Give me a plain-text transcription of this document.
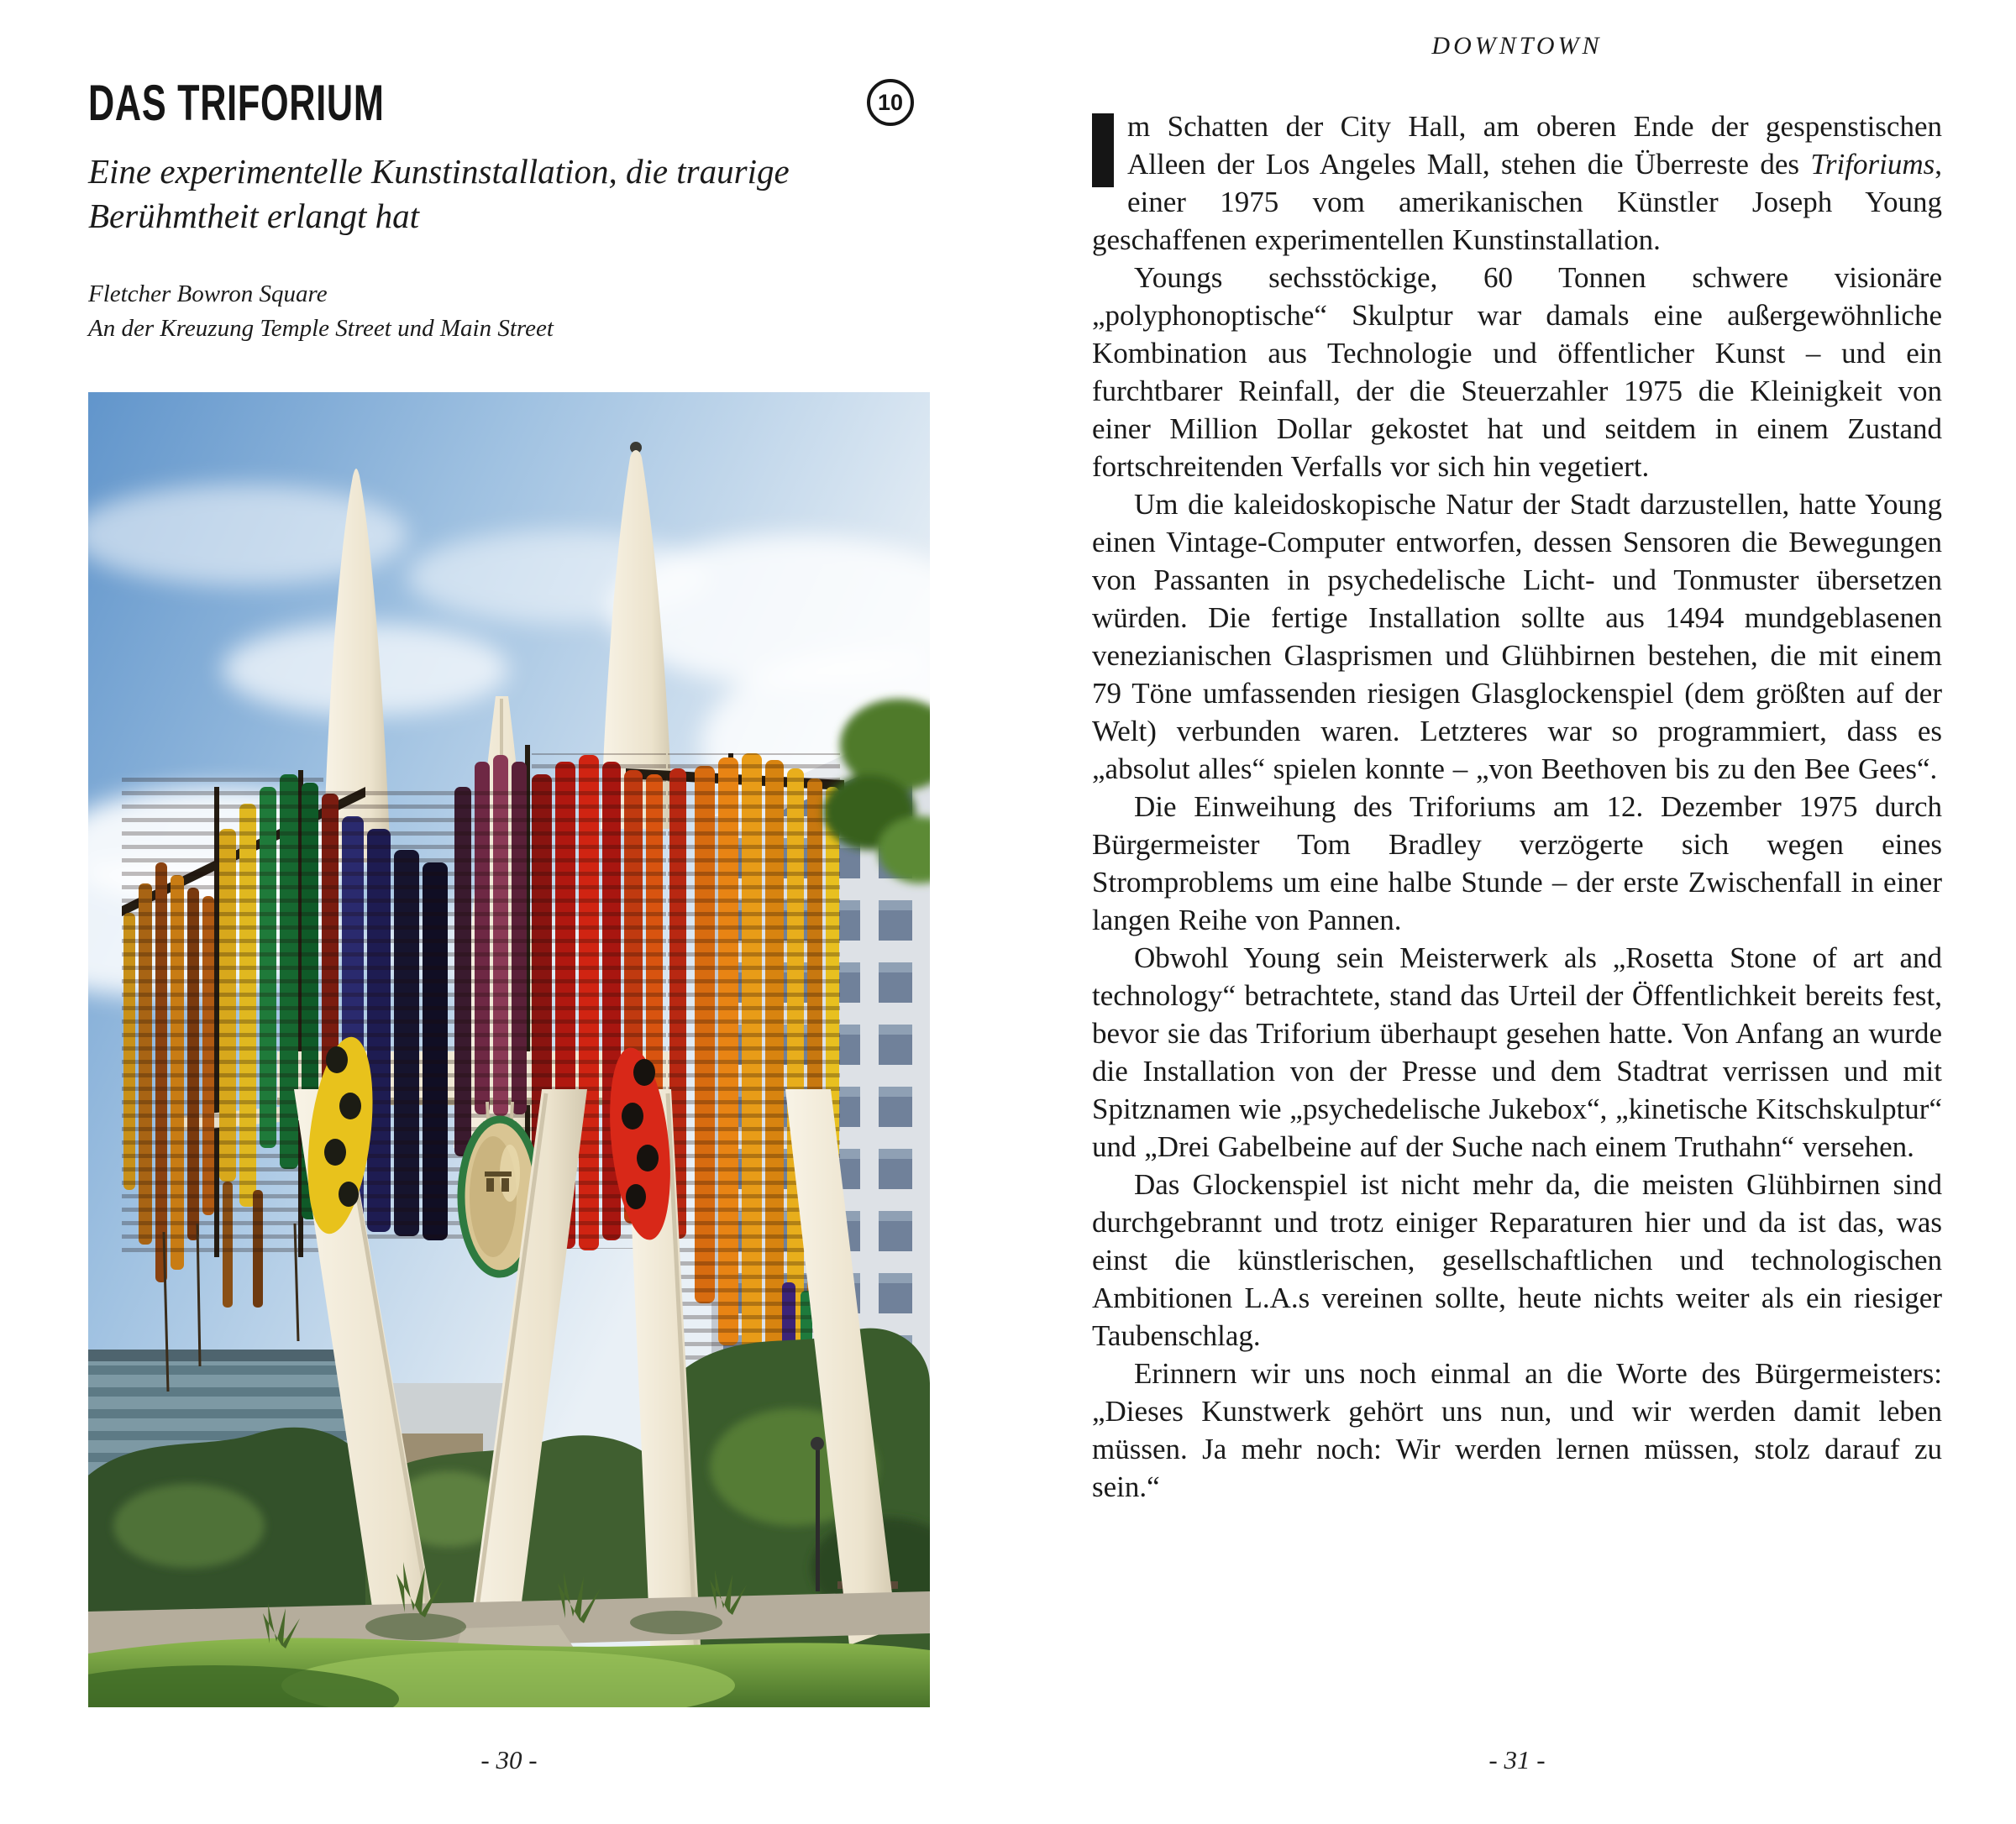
DAS TRIFORIUM	10

Eine experimentelle Kunstinstallation, die traurige
Berühmtheit erlangt hat

Fletcher Bowron Square
An der Kreuzung Temple Street und Main Street

- 30 -
DOWNTOWN

m Schatten der City Hall, am oberen Ende der gespenstischen Alleen der Los Angeles Mall, stehen die Überreste des Triforiums, einer 1975 vom amerikanischen Künstler Joseph Young geschaffenen experimentellen Kunstinstallation.

Youngs sechsstöckige, 60 Tonnen schwere visionäre „polyphonoptische“ Skulptur war damals eine außergewöhnliche Kombination aus Technologie und öffentlicher Kunst – und ein furchtbarer Reinfall, der die Steuerzahler 1975 die Kleinigkeit von einer Million Dollar gekostet hat und seitdem in einem Zustand fortschreitenden Verfalls vor sich hin vegetiert.

Um die kaleidoskopische Natur der Stadt darzustellen, hatte Young einen Vintage-Computer entworfen, dessen Sensoren die Bewegungen von Passanten in psychedelische Licht- und Tonmuster übersetzen würden. Die fertige Installation sollte aus 1494 mundgeblasenen venezianischen Glasprismen und Glühbirnen bestehen, die mit einem 79 Töne umfassenden riesigen Glasglockenspiel (dem größten auf der Welt) verbunden waren. Letzteres war so programmiert, dass es „absolut alles“ spielen konnte – „von Beethoven bis zu den Bee Gees“.

Die Einweihung des Triforiums am 12. Dezember 1975 durch Bürgermeister Tom Bradley verzögerte sich wegen eines Stromproblems um eine halbe Stunde – der erste Zwischenfall in einer langen Reihe von Pannen.

Obwohl Young sein Meisterwerk als „Rosetta Stone of art and technology“ betrachtete, stand das Urteil der Öffentlichkeit bereits fest, bevor sie das Triforium überhaupt gesehen hatte. Von Anfang an wurde die Installation von der Presse und dem Stadtrat verrissen und mit Spitznamen wie „psychedelische Jukebox“, „kinetische Kitschskulptur“ und „Drei Gabelbeine auf der Suche nach einem Truthahn“ versehen.

Das Glockenspiel ist nicht mehr da, die meisten Glühbirnen sind durchgebrannt und trotz einiger Reparaturen hier und da ist das, was einst die künstlerischen, gesellschaftlichen und technologischen Ambitionen L.A.s vereinen sollte, heute nichts weiter als ein riesiger Taubenschlag.

Erinnern wir uns noch einmal an die Worte des Bürgermeisters: „Dieses Kunstwerk gehört uns nun, und wir werden damit leben müssen. Ja mehr noch: Wir werden lernen müssen, stolz darauf zu sein.“

- 31 -
